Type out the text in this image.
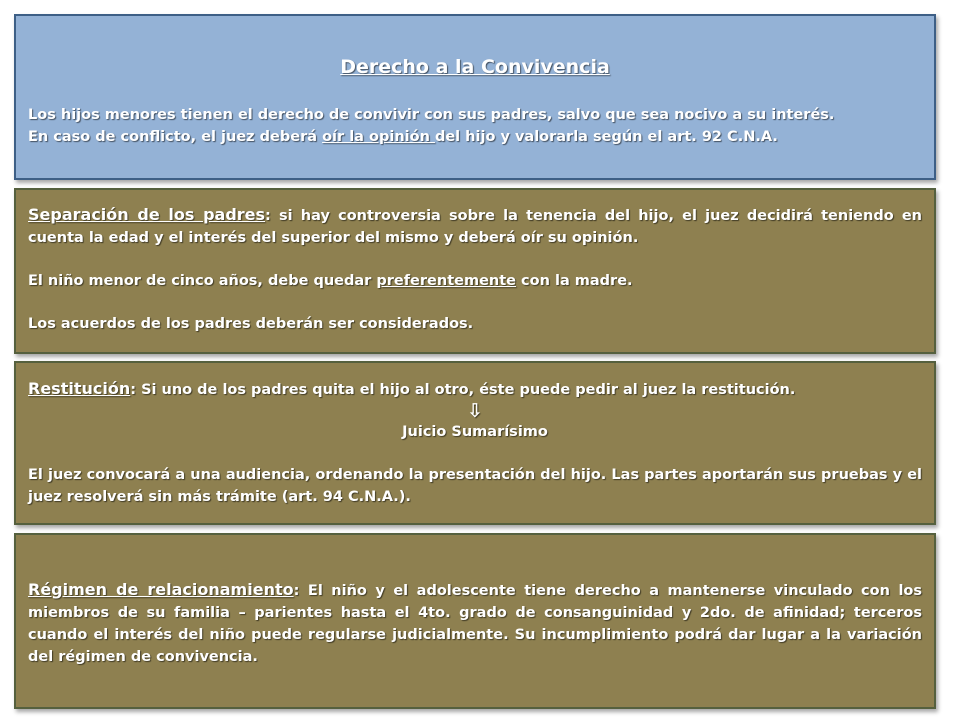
Derecho a la Convivencia

Los hijos menores tienen el derecho de convivir con sus padres, salvo que sea nocivo a su interés.

En caso de conflicto, el juez deberá oír la opinión del hijo y valorarla según el art. 92 C.N.A.

Separación de los padres: si hay controversia sobre la tenencia del hijo, el juez decidirá teniendo en cuenta la edad y el interés del superior del mismo y deberá oír su opinión.

El niño menor de cinco años, debe quedar preferentemente con la madre.

Los acuerdos de los padres deberán ser considerados.

Restitución: Si uno de los padres quita el hijo al otro, éste puede pedir al juez la restitución.

⇩

Juicio Sumarísimo

El juez convocará a una audiencia, ordenando la presentación del hijo. Las partes aportarán sus pruebas y el juez resolverá sin más trámite (art. 94 C.N.A.).

Régimen de relacionamiento: El niño y el adolescente tiene derecho a mantenerse vinculado con los miembros de su familia – parientes hasta el 4to. grado de consanguinidad y 2do. de afinidad; terceros cuando el interés del niño puede regularse judicialmente. Su incumplimiento podrá dar lugar a la variación del régimen de convivencia.
